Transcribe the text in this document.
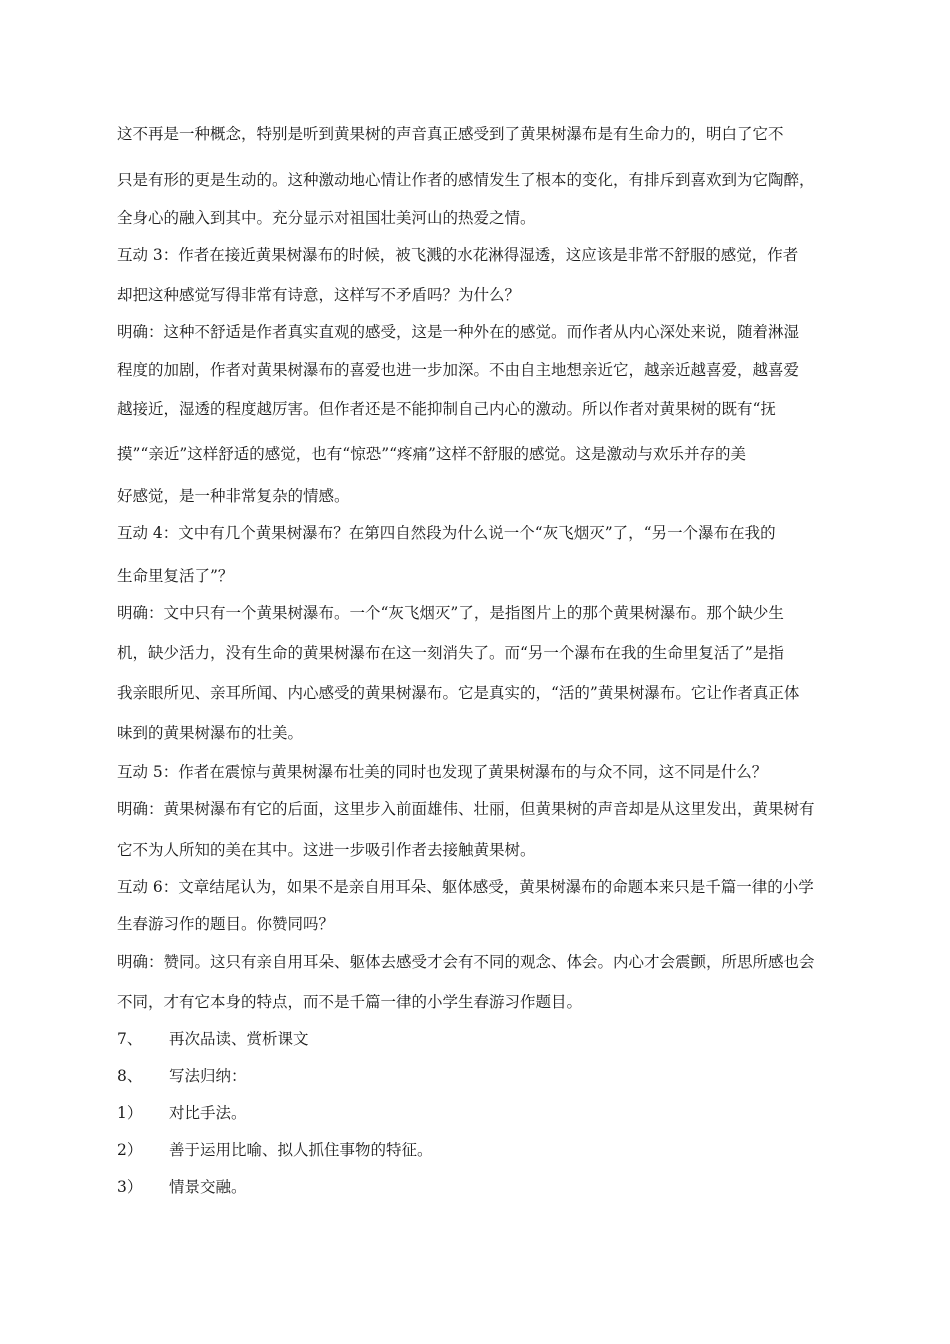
这不再是一种概念，特别是听到黄果树的声音真正感受到了黄果树瀑布是有生命力的，明白了它不
只是有形的更是生动的。这种激动地心情让作者的感情发生了根本的变化，有排斥到喜欢到为它陶醉，
全身心的融入到其中。充分显示对祖国壮美河山的热爱之情。
互动 3：作者在接近黄果树瀑布的时候，被飞溅的水花淋得湿透，这应该是非常不舒服的感觉，作者
却把这种感觉写得非常有诗意，这样写不矛盾吗？为什么？
明确：这种不舒适是作者真实直观的感受，这是一种外在的感觉。而作者从内心深处来说，随着淋湿
程度的加剧，作者对黄果树瀑布的喜爱也进一步加深。不由自主地想亲近它，越亲近越喜爱，越喜爱
越接近，湿透的程度越厉害。但作者还是不能抑制自己内心的激动。所以作者对黄果树的既有“抚
摸”“亲近”这样舒适的感觉，也有“惊恐”“疼痛”这样不舒服的感觉。这是激动与欢乐并存的美
好感觉，是一种非常复杂的情感。
互动 4：文中有几个黄果树瀑布？在第四自然段为什么说一个“灰飞烟灭”了，“另一个瀑布在我的
生命里复活了”？
明确：文中只有一个黄果树瀑布。一个“灰飞烟灭”了，是指图片上的那个黄果树瀑布。那个缺少生
机，缺少活力，没有生命的黄果树瀑布在这一刻消失了。而“另一个瀑布在我的生命里复活了”是指
我亲眼所见、亲耳所闻、内心感受的黄果树瀑布。它是真实的，“活的”黄果树瀑布。它让作者真正体
味到的黄果树瀑布的壮美。
互动 5：作者在震惊与黄果树瀑布壮美的同时也发现了黄果树瀑布的与众不同，这不同是什么？
明确：黄果树瀑布有它的后面，这里步入前面雄伟、壮丽，但黄果树的声音却是从这里发出，黄果树有
它不为人所知的美在其中。这进一步吸引作者去接触黄果树。
互动 6：文章结尾认为，如果不是亲自用耳朵、躯体感受，黄果树瀑布的命题本来只是千篇一律的小学
生春游习作的题目。你赞同吗？
明确：赞同。这只有亲自用耳朵、躯体去感受才会有不同的观念、体会。内心才会震颤，所思所感也会
不同，才有它本身的特点，而不是千篇一律的小学生春游习作题目。
7、 再次品读、赏析课文
8、 写法归纳：
1） 对比手法。
2） 善于运用比喻、拟人抓住事物的特征。
3） 情景交融。
